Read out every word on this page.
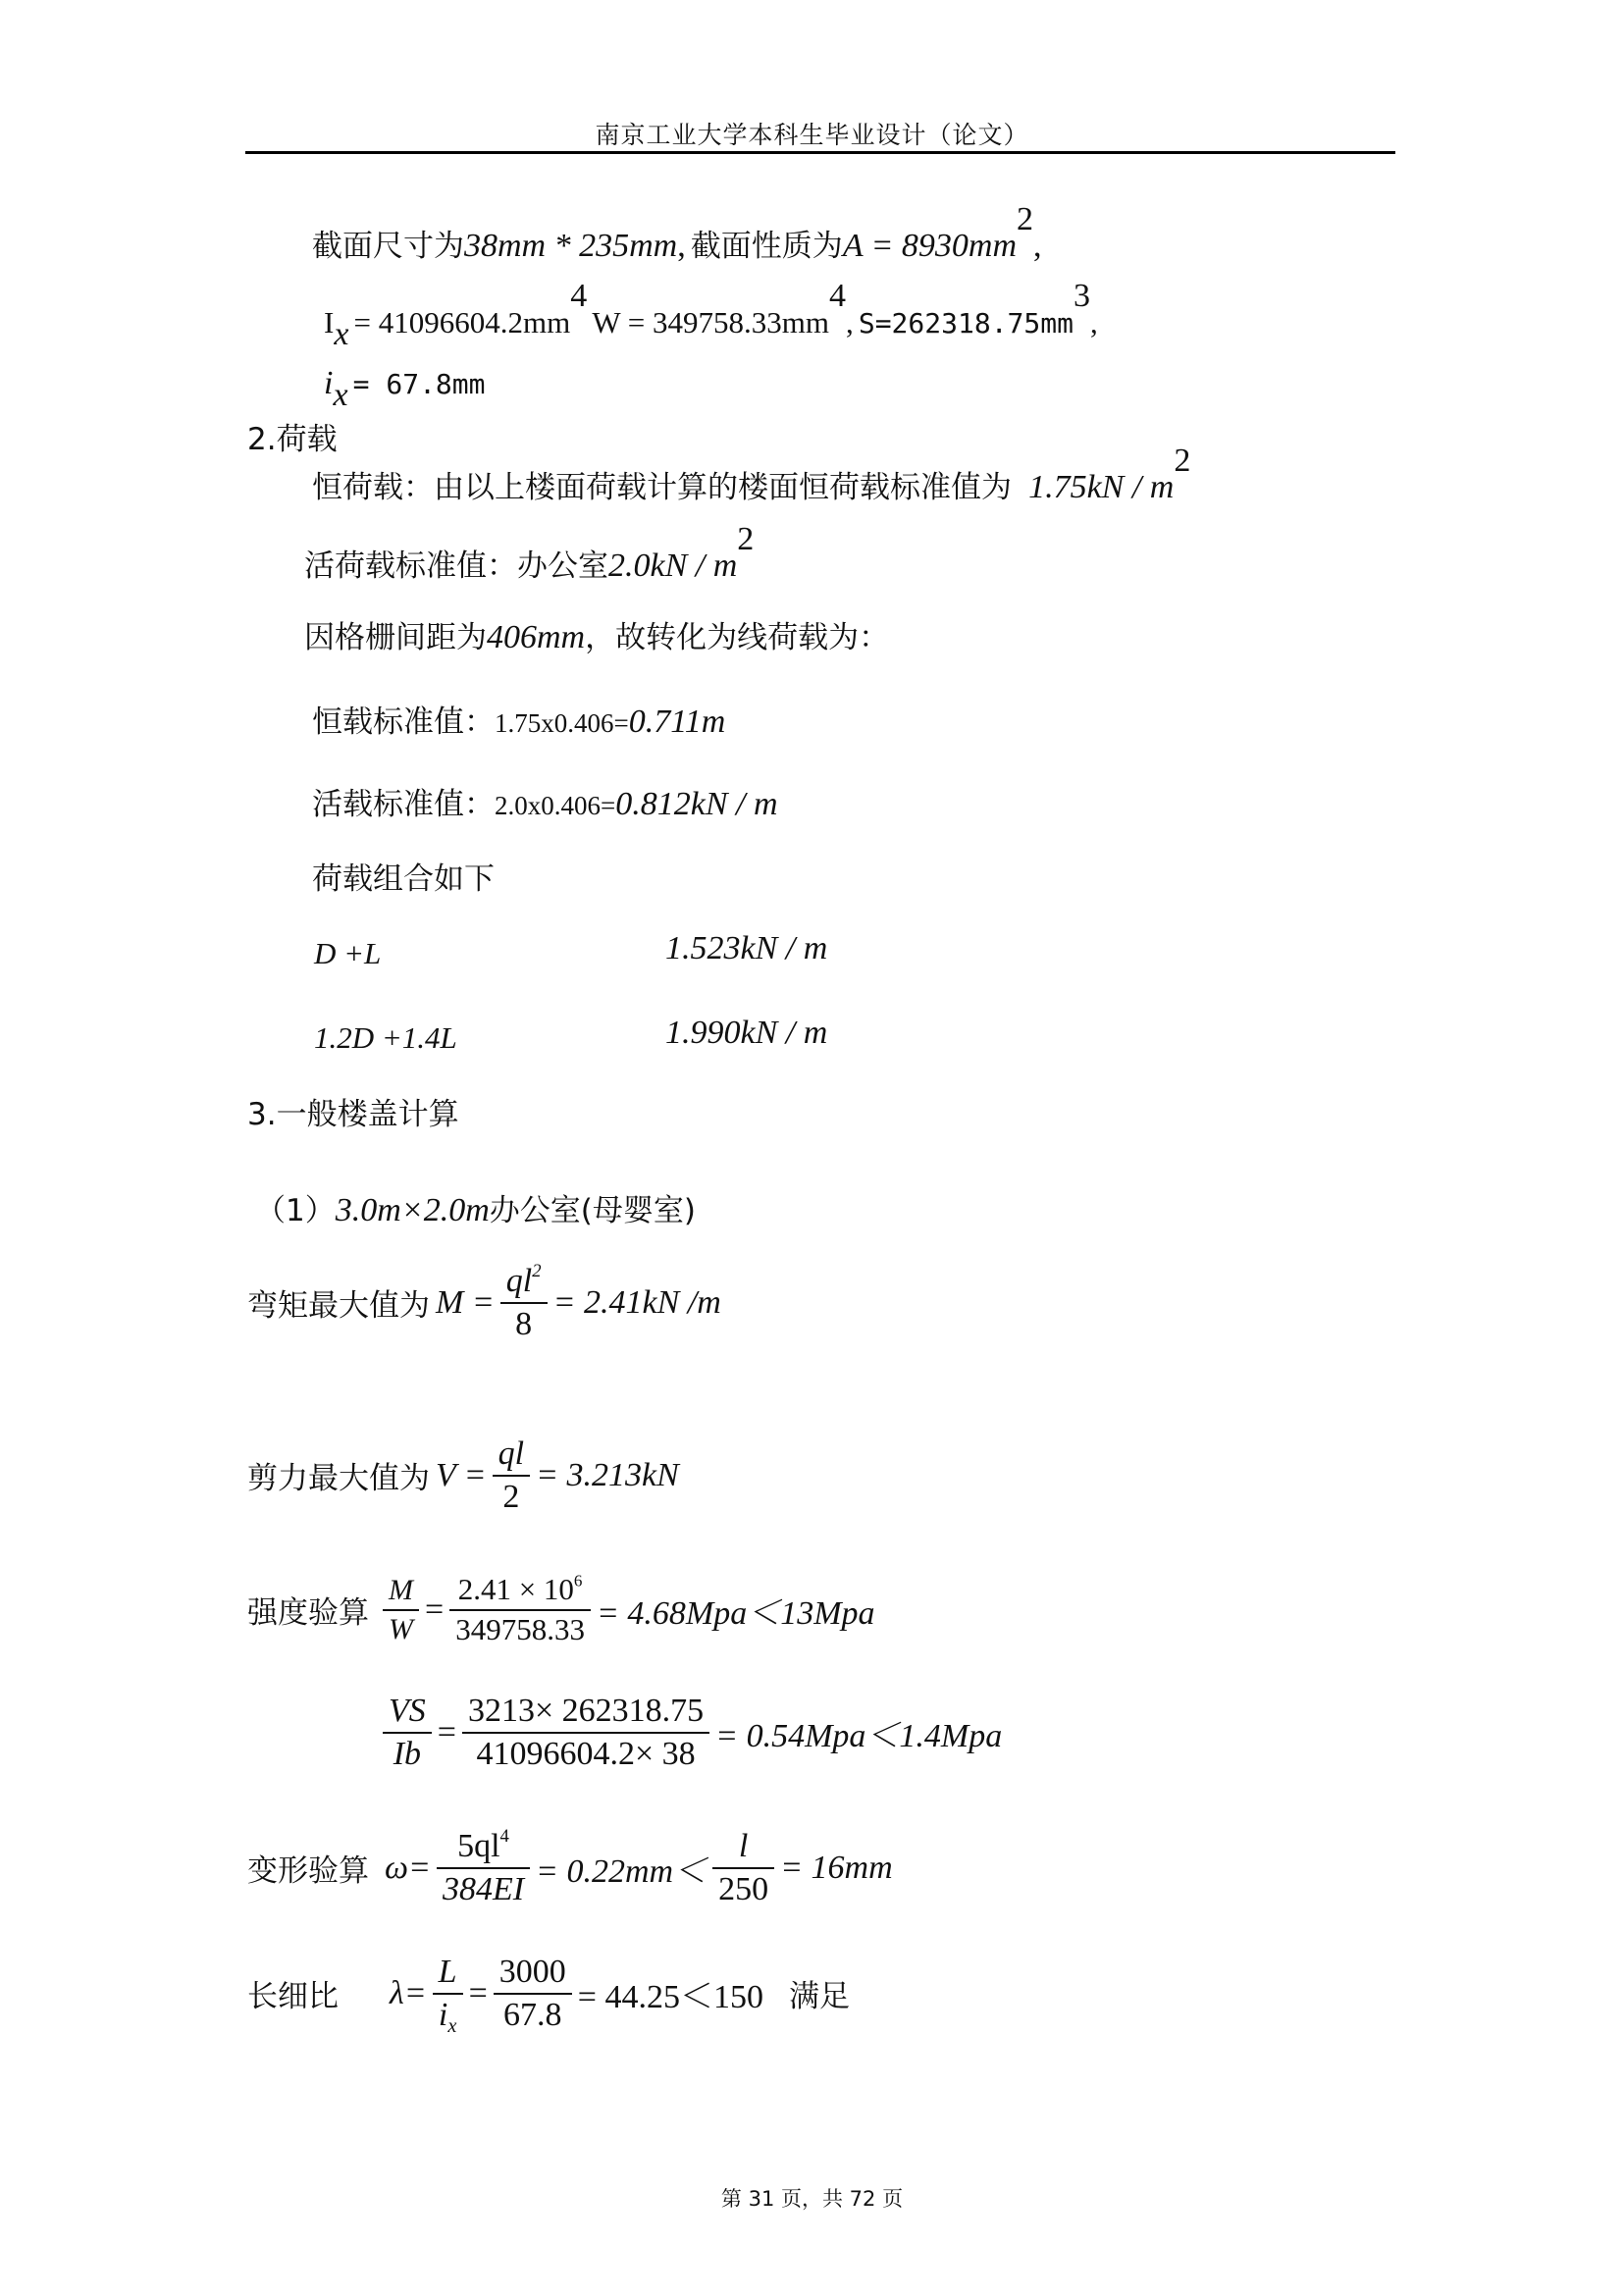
南京工业大学本科生毕业设计（论文）
截面尺寸为38mm * 235mm, 截面性质为$A = 8930mm^2$,
$I_x = 41096604.2mm^4$ $W = 349758.33mm^4$, $S=262318.75mm^3$,
$i_x = 67.8mm$
2.荷载
恒荷载：由以上楼面荷载计算的楼面恒荷载标准值为 $1.75kN / m^2$
活荷载标准值：办公室$2.0kN / m^2$
因格栅间距为406mm，故转化为线荷载为：
恒载标准值：1.75x0.406=0.711m
活载标准值：2.0x0.406=0.812kN / m
荷载组合如下
D +L	1.523kN / m
1.2D +1.4L	1.990kN / m
3.一般楼盖计算
（1）3.0m×2.0m办公室(母婴室)
弯矩最大值为 $M = \frac{ql^2}{8} = 2.41kN$ /m
剪力最大值为 $V = \frac{ql}{2} = 3.213kN$
强度验算 $\frac{M}{W} = \frac{2.41 \times 10^6}{349758.33} = 4.68Mpa<13Mpa$
$\frac{VS}{Ib} = \frac{3213\times 262318.75}{41096604.2\times 38} = 0.54Mpa<1.4Mpa$
变形验算 $\omega= \frac{5ql^4}{384EI} = 0.22mm< \frac{l}{250} = 16mm$
长细比 $\lambda= \frac{L}{i_x} = \frac{3000}{67.8} = 44.25<150$ 满足
第 31 页，共 72 页
